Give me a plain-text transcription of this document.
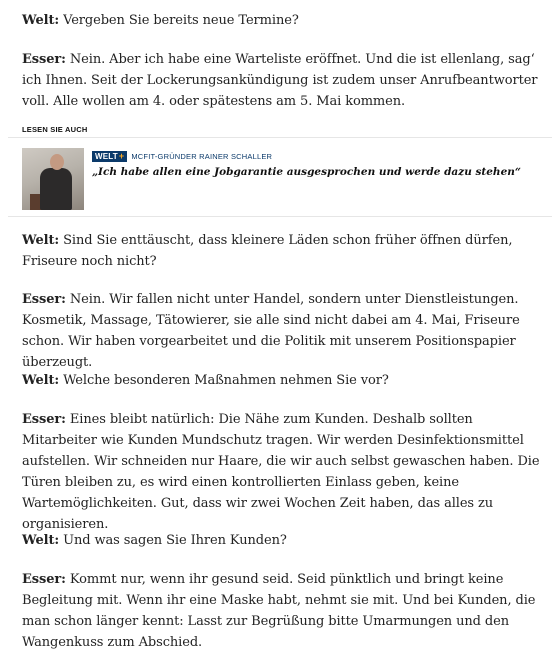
Welt: Vergeben Sie bereits neue Termine?

Esser: Nein. Aber ich habe eine Warteliste eröffnet. Und die ist ellenlang, sag‘ ich Ihnen. Seit der Lockerungsankündigung ist zudem unser Anrufbeantworter voll. Alle wollen am 4. oder spätestens am 5. Mai kommen.

LESEN SIE AUCH
WELT + MCFIT-GRÜNDER RAINER SCHALLER

„Ich habe allen eine Jobgarantie ausgesprochen und werde dazu stehen“

Welt: Sind Sie enttäuscht, dass kleinere Läden schon früher öffnen dürfen, Friseure noch nicht?

Esser: Nein. Wir fallen nicht unter Handel, sondern unter Dienstleistungen. Kosmetik, Massage, Tätowierer, sie alle sind nicht dabei am 4. Mai, Friseure schon. Wir haben vorgearbeitet und die Politik mit unserem Positionspapier überzeugt.

Welt: Welche besonderen Maßnahmen nehmen Sie vor?

Esser: Eines bleibt natürlich: Die Nähe zum Kunden. Deshalb sollten Mitarbeiter wie Kunden Mundschutz tragen. Wir werden Desinfektionsmittel aufstellen. Wir schneiden nur Haare, die wir auch selbst gewaschen haben. Die Türen bleiben zu, es wird einen kontrollierten Einlass geben, keine Wartemöglichkeiten. Gut, dass wir zwei Wochen Zeit haben, das alles zu organisieren.

Welt: Und was sagen Sie Ihren Kunden?

Esser: Kommt nur, wenn ihr gesund seid. Seid pünktlich und bringt keine Begleitung mit. Wenn ihr eine Maske habt, nehmt sie mit. Und bei Kunden, die man schon länger kennt: Lasst zur Begrüßung bitte Umarmungen und den Wangenkuss zum Abschied.
